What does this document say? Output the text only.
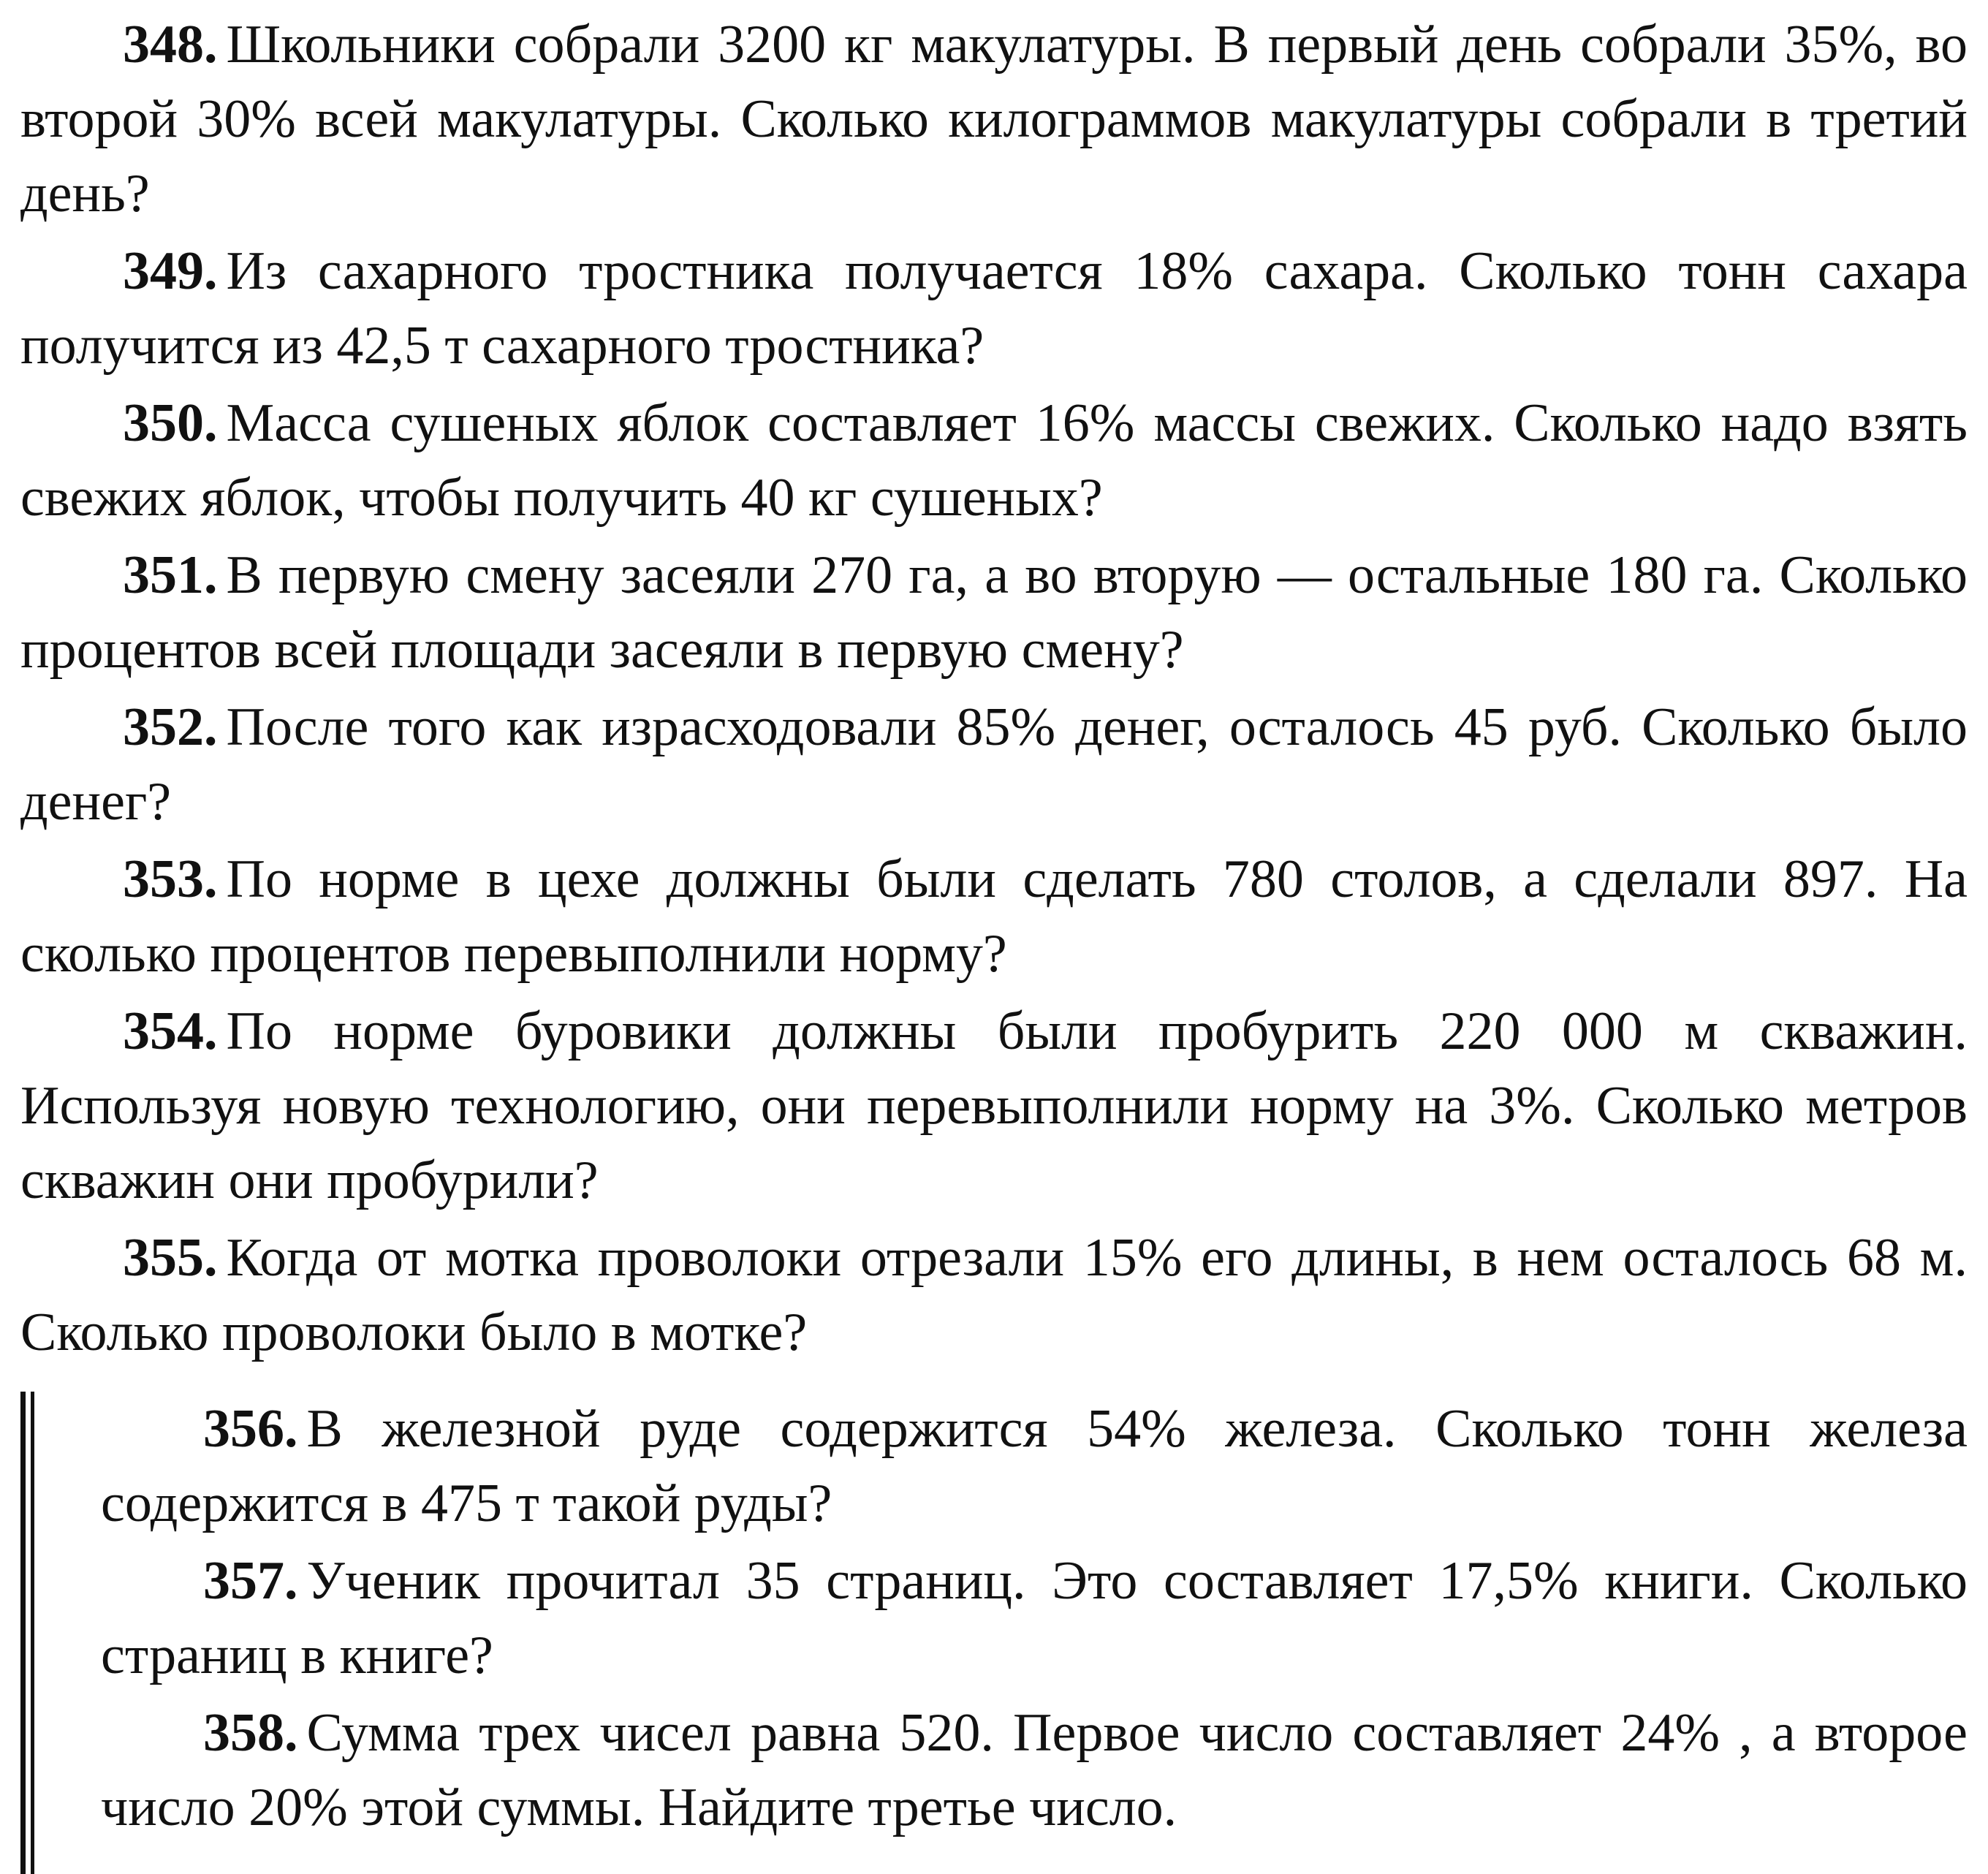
348. Школьники собрали 3200 кг макулатуры. В первый день собрали 35%, во второй 30% всей макулатуры. Сколько килограммов макулатуры собрали в третий день?

349. Из сахарного тростника получается 18% сахара. Сколько тонн сахара получится из 42,5 т сахарного тростника?

350. Масса сушеных яблок составляет 16% массы свежих. Сколько надо взять свежих яблок, чтобы получить 40 кг сушеных?

351. В первую смену засеяли 270 га, а во вторую — остальные 180 га. Сколько процентов всей площади засеяли в первую смену?

352. После того как израсходовали 85% денег, осталось 45 руб. Сколько было денег?

353. По норме в цехе должны были сделать 780 столов, а сделали 897. На сколько процентов перевыполнили норму?

354. По норме буровики должны были пробурить 220 000 м скважин. Используя новую технологию, они перевыполнили норму на 3%. Сколько метров скважин они пробурили?

355. Когда от мотка проволоки отрезали 15% его длины, в нем осталось 68 м. Сколько проволоки было в мотке?

356. В железной руде содержится 54% железа. Сколько тонн железа содержится в 475 т такой руды?

357. Ученик прочитал 35 страниц. Это составляет 17,5% книги. Сколько страниц в книге?

358. Сумма трех чисел равна 520. Первое число составляет 24% , а второе число 20% этой суммы. Найдите третье число.
